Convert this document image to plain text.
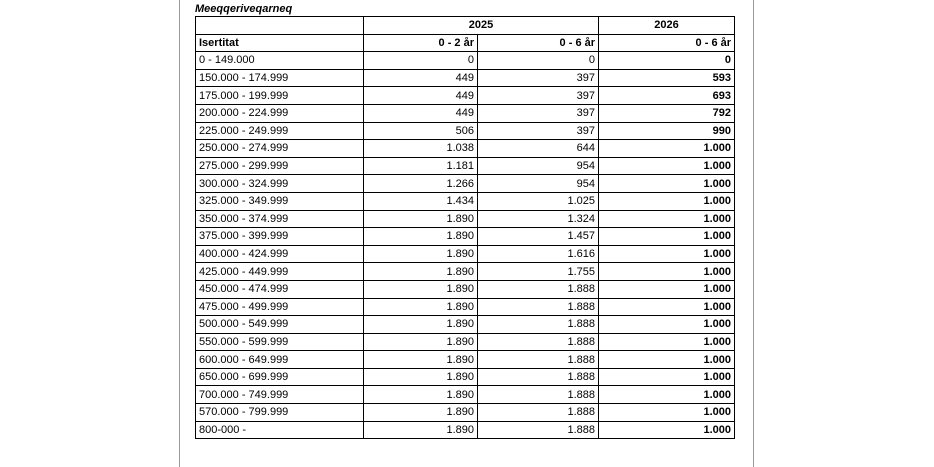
Meeqqeriveqarneq
	2025		2026
Isertitat	0 - 2 år	0 - 6 år	0 - 6 år
0 - 149.000	0	0	0
150.000 - 174.999	449	397	593
175.000 - 199.999	449	397	693
200.000 - 224.999	449	397	792
225.000 - 249.999	506	397	990
250.000 - 274.999	1.038	644	1.000
275.000 - 299.999	1.181	954	1.000
300.000 - 324.999	1.266	954	1.000
325.000 - 349.999	1.434	1.025	1.000
350.000 - 374.999	1.890	1.324	1.000
375.000 - 399.999	1.890	1.457	1.000
400.000 - 424.999	1.890	1.616	1.000
425.000 - 449.999	1.890	1.755	1.000
450.000 - 474.999	1.890	1.888	1.000
475.000 - 499.999	1.890	1.888	1.000
500.000 - 549.999	1.890	1.888	1.000
550.000 - 599.999	1.890	1.888	1.000
600.000 - 649.999	1.890	1.888	1.000
650.000 - 699.999	1.890	1.888	1.000
700.000 - 749.999	1.890	1.888	1.000
570.000 - 799.999	1.890	1.888	1.000
800-000 -	1.890	1.888	1.000
